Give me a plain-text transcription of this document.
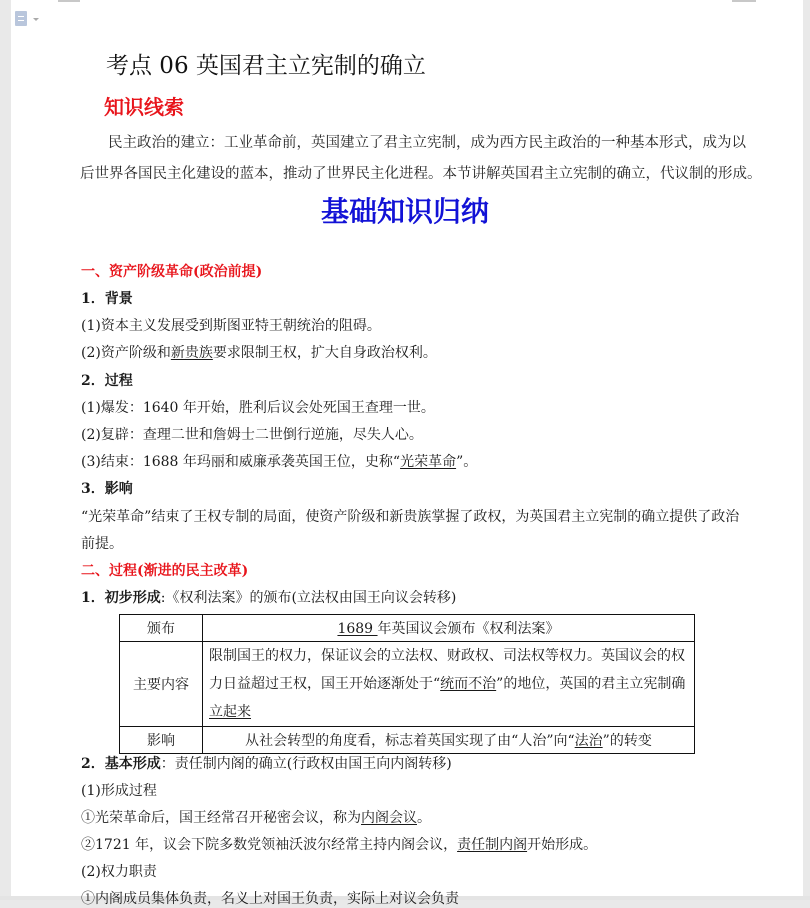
考点 06 英国君主立宪制的确立
知识线索
民主政治的建立：工业革命前，英国建立了君主立宪制，成为西方民主政治的一种基本形式，成为以
后世界各国民主化建设的蓝本，推动了世界民主化进程。本节讲解英国君主立宪制的确立，代议制的形成。
基础知识归纳
一、资产阶级革命(政治前提)
1．背景
(1)资本主义发展受到斯图亚特王朝统治的阻碍。
(2)资产阶级和新贵族要求限制王权，扩大自身政治权利。
2．过程
(1)爆发：1640 年开始，胜利后议会处死国王查理一世。
(2)复辟：查理二世和詹姆士二世倒行逆施，尽失人心。
(3)结束：1688 年玛丽和威廉承袭英国王位，史称“光荣革命”。
3．影响
“光荣革命”结束了王权专制的局面，使资产阶级和新贵族掌握了政权，为英国君主立宪制的确立提供了政治
前提。
二、过程(渐进的民主改革)
1．初步形成:《权利法案》的颁布(立法权由国王向议会转移)
颁布	1689 年英国议会颁布《权利法案》
主要内容	限制国王的权力，保证议会的立法权、财政权、司法权等权力。英国议会的权力日益超过王权，国王开始逐渐处于“统而不治”的地位，英国的君主立宪制确立起来
影响	从社会转型的角度看，标志着英国实现了由“人治”向“法治”的转变
2．基本形成：责任制内阁的确立(行政权由国王向内阁转移)
(1)形成过程
①光荣革命后，国王经常召开秘密会议，称为内阁会议。
②1721 年，议会下院多数党领袖沃波尔经常主持内阁会议，责任制内阁开始形成。
(2)权力职责
①内阁成员集体负责，名义上对国王负责，实际上对议会负责
